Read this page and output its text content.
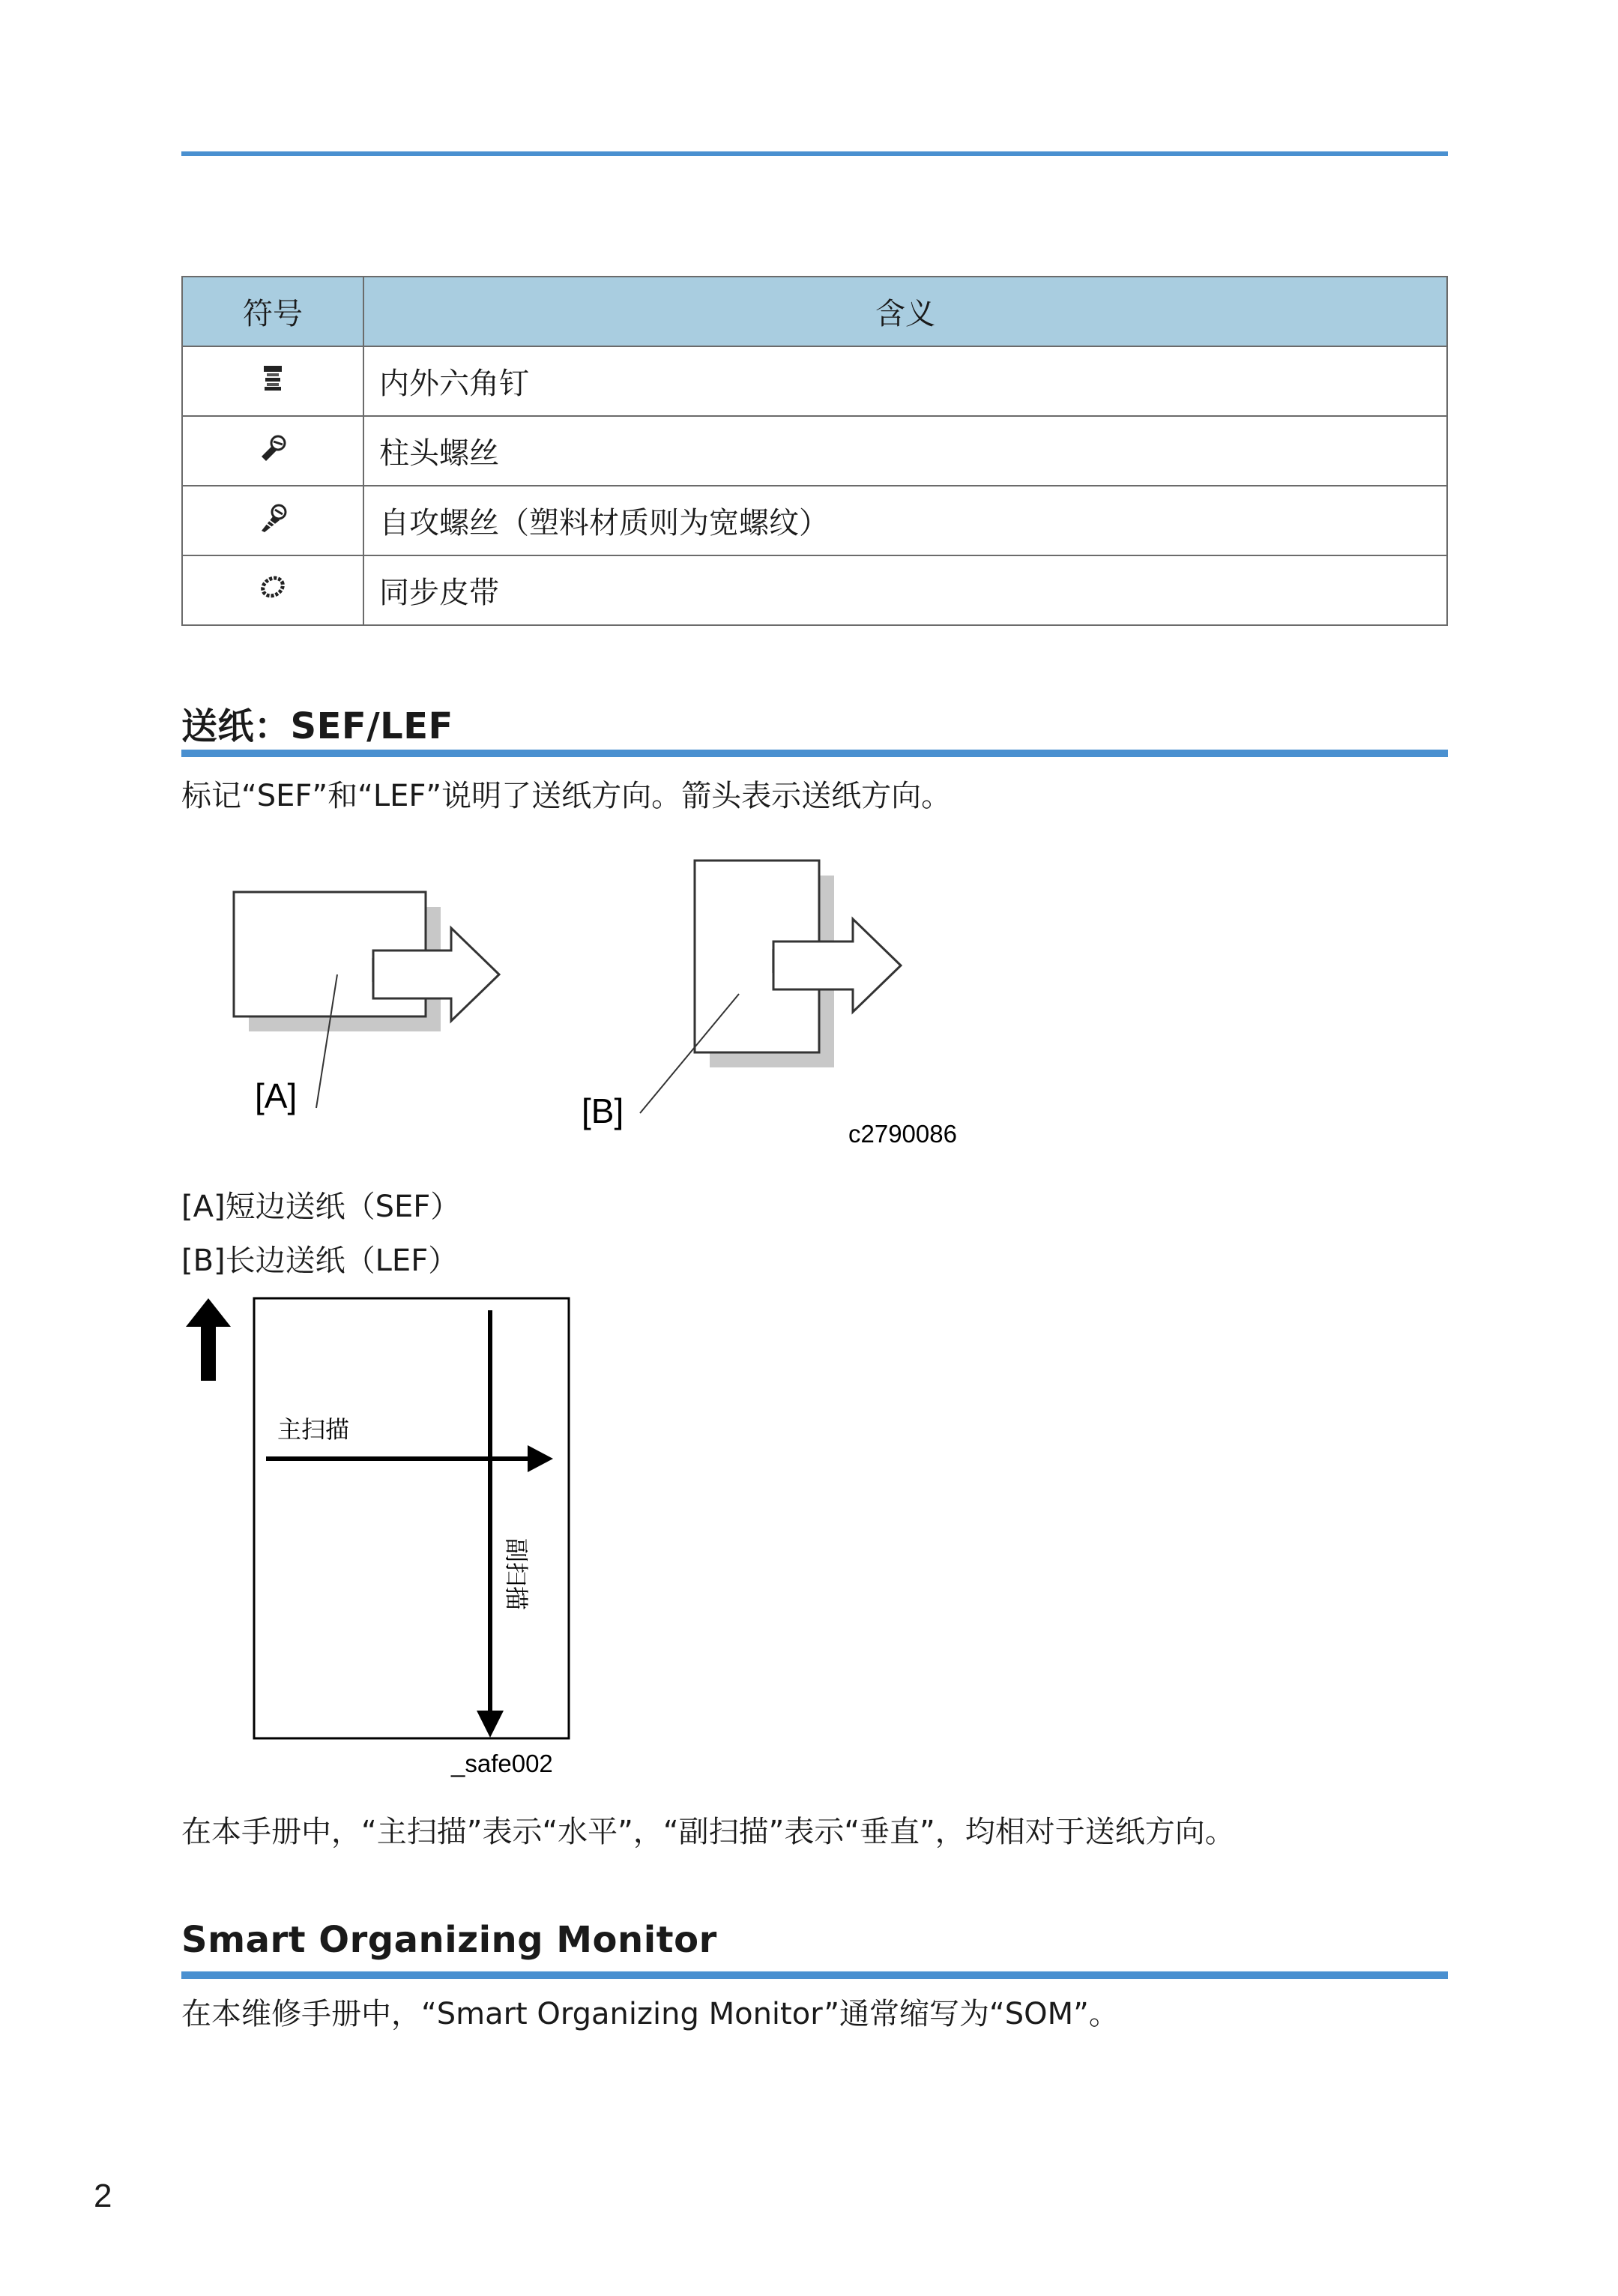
符号	含义
	内外六角钉
	柱头螺丝
	自攻螺丝（塑料材质则为宽螺纹）
	同步皮带
送纸：SEF/LEF
标记“SEF”和“LEF”说明了送纸方向。箭头表示送纸方向。
[A]	[B]
c2790086
[A]短边送纸（SEF）
[B]长边送纸（LEF）
主扫描
副扫描
_safe002
在本手册中，“主扫描”表示“水平”，“副扫描”表示“垂直”，均相对于送纸方向。
Smart Organizing Monitor
在本维修手册中，“Smart Organizing Monitor”通常缩写为“SOM”。
2
